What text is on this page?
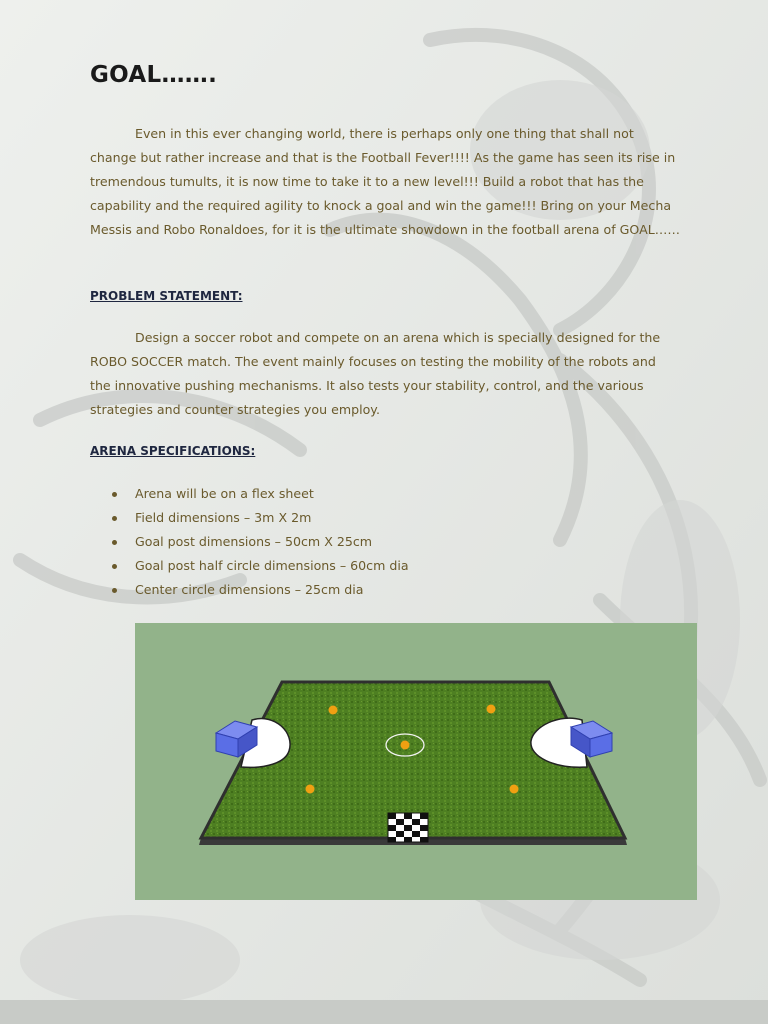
GOAL…….

Even in this ever changing world, there is perhaps only one thing that shall not change but rather increase and that is the Football Fever!!!! As the game has seen its rise in tremendous tumults, it is now time to take it to a new level!!! Build a robot that has the capability and the required agility to knock a goal and win the game!!! Bring on your Mecha Messis and Robo Ronaldoes, for it is the ultimate showdown in the football arena of GOAL……

PROBLEM STATEMENT:

Design a soccer robot and compete on an arena which is specially designed for the ROBO SOCCER match. The event mainly focuses on testing the mobility of the robots and the innovative pushing mechanisms. It also tests your stability, control, and the various strategies and counter strategies you employ.

ARENA SPECIFICATIONS:
Arena will be on a flex sheet
Field dimensions – 3m X 2m
Goal post dimensions – 50cm X 25cm
Goal post half circle dimensions – 60cm dia
Center circle dimensions – 25cm dia
